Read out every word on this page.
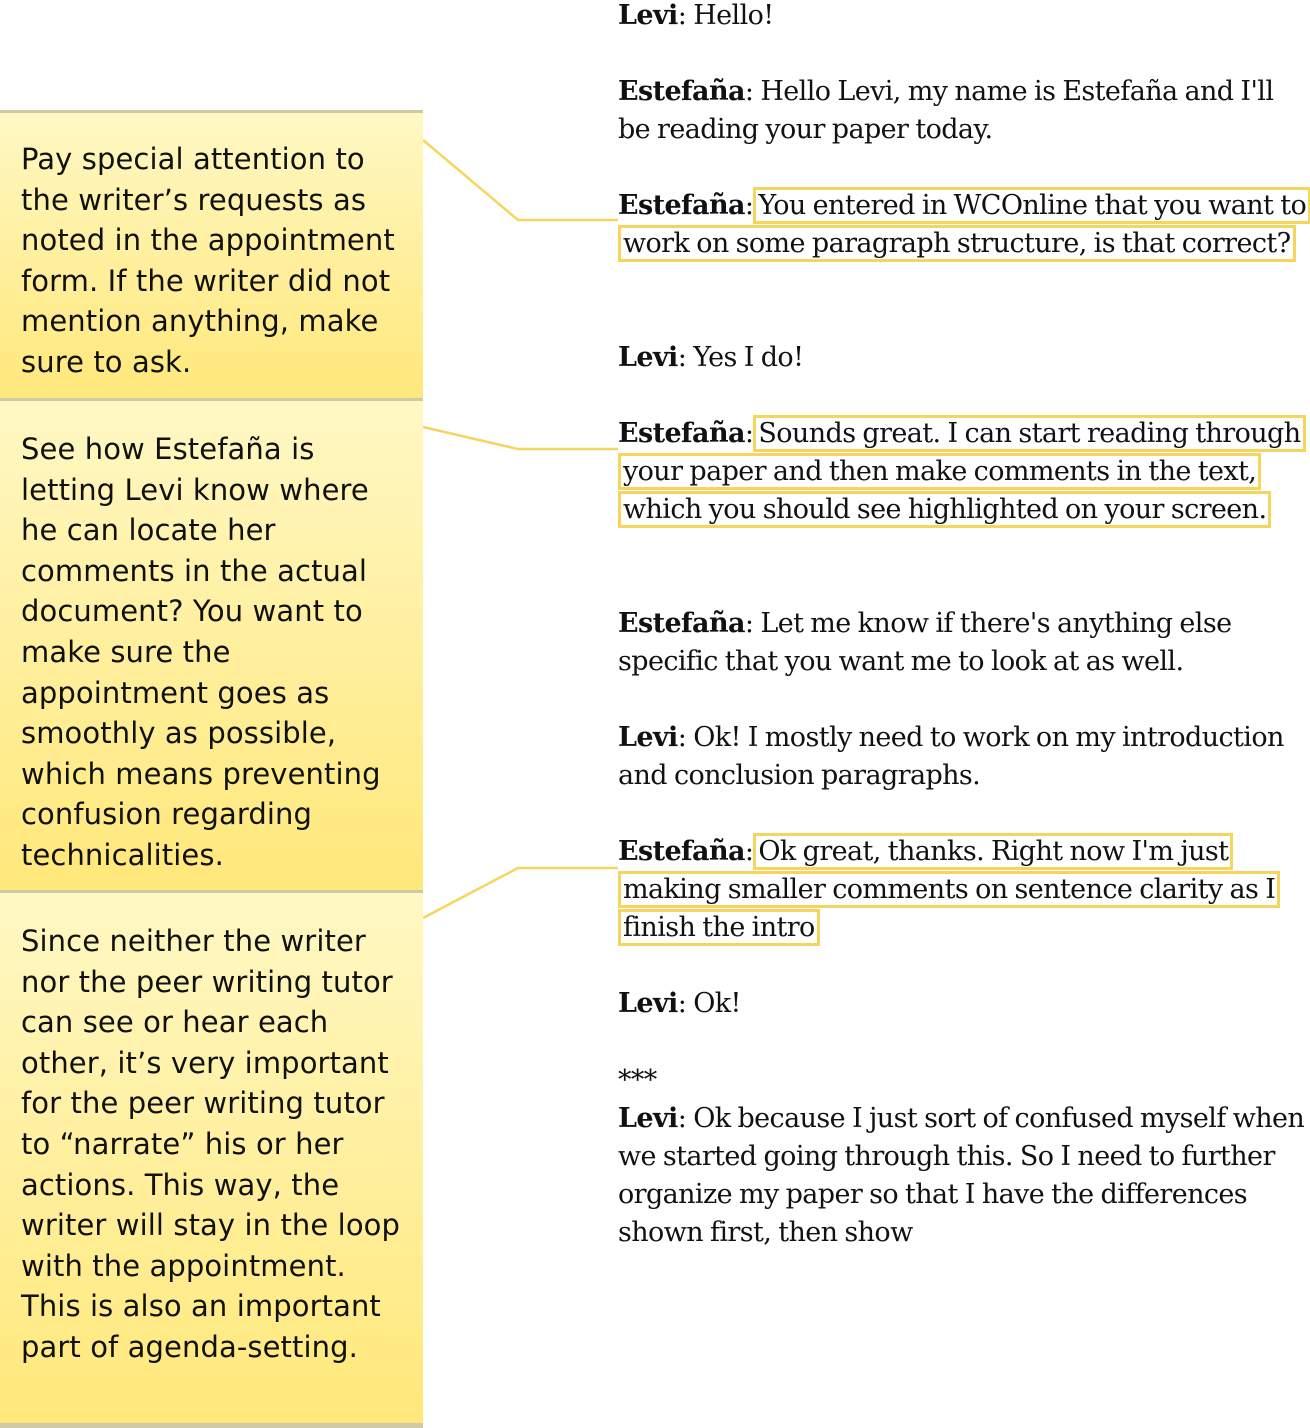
Pay special attention to the writer’s requests as noted in the appointment form. If the writer did not mention anything, make sure to ask.
See how Estefaña is letting Levi know where he can locate her comments in the actual document? You want to make sure the appointment goes as smoothly as possible, which means preventing confusion regarding technicalities.
Since neither the writer nor the peer writing tutor can see or hear each other, it’s very important for the peer writing tutor to “narrate” his or her actions. This way, the writer will stay in the loop with the appointment. This is also an important part of agenda-setting.
Levi: Hello!
Estefaña: Hello Levi, my name is Estefaña and I'll be reading your paper today.
Estefaña: You entered in WCOnline that you want to work on some paragraph structure, is that correct?
Levi: Yes I do!
Estefaña: Sounds great. I can start reading through your paper and then make comments in the text, which you should see highlighted on your screen.
Estefaña: Let me know if there's anything else specific that you want me to look at as well.
Levi: Ok! I mostly need to work on my introduction and conclusion paragraphs.
Estefaña: Ok great, thanks. Right now I'm just making smaller comments on sentence clarity as I finish the intro
Levi: Ok!
***
Levi: Ok because I just sort of confused myself when we started going through this. So I need to further organize my paper so that I have the differences shown first, then show
